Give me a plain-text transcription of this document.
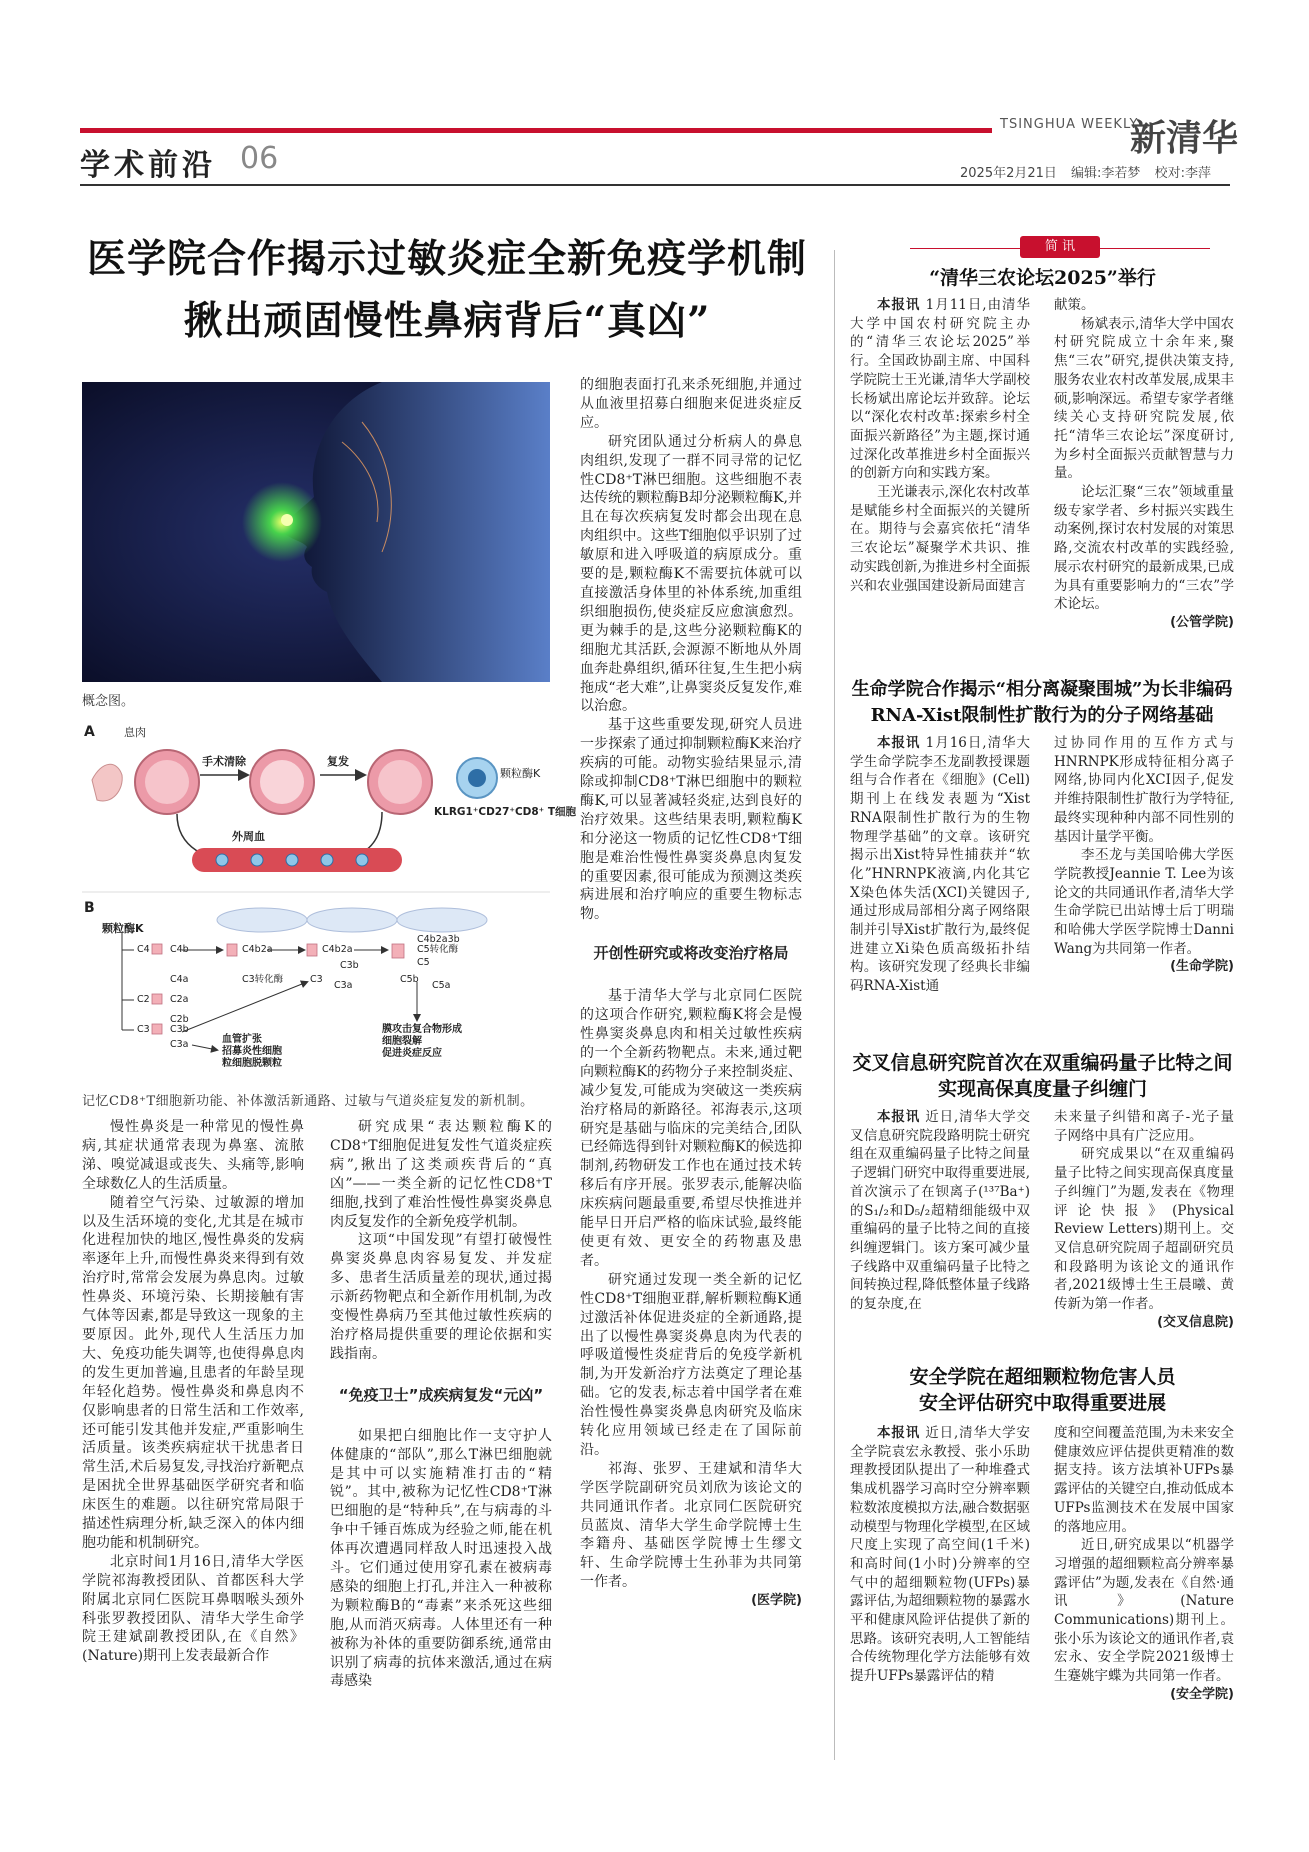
学术前沿 06
TSINGHUA WEEKLY
新清华
2025年2月21日 编辑:李若梦 校对:李萍
医学院合作揭示过敏炎症全新免疫学机制
揪出顽固慢性鼻病背后“真凶”
概念图。
A	息肉
手术清除	复发
颗粒酶K
KLRG1⁺CD27⁺CD8⁺ T细胞
外周血
B
颗粒酶K
C4 C4b
C4a
C2 C2a
C2b
C3 C3b
C3a
C4b2a
C3转化酶
C4b2a
C3b
C3
C3a
C4b2a3b
C5转化酶
C5
C5b
C5a
血管扩张
招募炎性细胞
粒细胞脱颗粒
膜攻击复合物形成
细胞裂解
促进炎症反应
记忆CD8⁺T细胞新功能、补体激活新通路、过敏与气道炎症复发的新机制。

慢性鼻炎是一种常见的慢性鼻病,其症状通常表现为鼻塞、流脓涕、嗅觉减退或丧失、头痛等,影响全球数亿人的生活质量。

随着空气污染、过敏源的增加以及生活环境的变化,尤其是在城市化进程加快的地区,慢性鼻炎的发病率逐年上升,而慢性鼻炎来得到有效治疗时,常常会发展为鼻息肉。过敏性鼻炎、环境污染、长期接触有害气体等因素,都是导致这一现象的主要原因。此外,现代人生活压力加大、免疫功能失调等,也使得鼻息肉的发生更加普遍,且患者的年龄呈现年轻化趋势。慢性鼻炎和鼻息肉不仅影响患者的日常生活和工作效率,还可能引发其他并发症,严重影响生活质量。该类疾病症状干扰患者日常生活,术后易复发,寻找治疗新靶点是困扰全世界基础医学研究者和临床医生的难题。以往研究常局限于描述性病理分析,缺乏深入的体内细胞功能和机制研究。

北京时间1月16日,清华大学医学院祁海教授团队、首都医科大学附属北京同仁医院耳鼻咽喉头颈外科张罗教授团队、清华大学生命学院王建斌副教授团队,在《自然》(Nature)期刊上发表最新合作

研究成果“表达颗粒酶K的CD8⁺T细胞促进复发性气道炎症疾病”,揪出了这类顽疾背后的“真凶”——一类全新的记忆性CD8⁺T细胞,找到了难治性慢性鼻窦炎鼻息肉反复发作的全新免疫学机制。

这项“中国发现”有望打破慢性鼻窦炎鼻息肉容易复发、并发症多、患者生活质量差的现状,通过揭示新药物靶点和全新作用机制,为改变慢性鼻病乃至其他过敏性疾病的治疗格局提供重要的理论依据和实践指南。

“免疫卫士”成疾病复发“元凶”

如果把白细胞比作一支守护人体健康的“部队”,那么T淋巴细胞就是其中可以实施精准打击的“精锐”。其中,被称为记忆性CD8⁺T淋巴细胞的是“特种兵”,在与病毒的斗争中千锤百炼成为经验之师,能在机体再次遭遇同样敌人时迅速投入战斗。它们通过使用穿孔素在被病毒感染的细胞上打孔,并注入一种被称为颗粒酶B的“毒素”来杀死这些细胞,从而消灭病毒。人体里还有一种被称为补体的重要防御系统,通常由识别了病毒的抗体来激活,通过在病毒感染

的细胞表面打孔来杀死细胞,并通过从血液里招募白细胞来促进炎症反应。

研究团队通过分析病人的鼻息肉组织,发现了一群不同寻常的记忆性CD8⁺T淋巴细胞。这些细胞不表达传统的颗粒酶B却分泌颗粒酶K,并且在每次疾病复发时都会出现在息肉组织中。这些T细胞似乎识别了过敏原和进入呼吸道的病原成分。重要的是,颗粒酶K不需要抗体就可以直接激活身体里的补体系统,加重组织细胞损伤,使炎症反应愈演愈烈。更为棘手的是,这些分泌颗粒酶K的细胞尤其活跃,会源源不断地从外周血奔赴鼻组织,循环往复,生生把小病拖成“老大难”,让鼻窦炎反复发作,难以治愈。

基于这些重要发现,研究人员进一步探索了通过抑制颗粒酶K来治疗疾病的可能。动物实验结果显示,清除或抑制CD8⁺T淋巴细胞中的颗粒酶K,可以显著减轻炎症,达到良好的治疗效果。这些结果表明,颗粒酶K和分泌这一物质的记忆性CD8⁺T细胞是难治性慢性鼻窦炎鼻息肉复发的重要因素,很可能成为预测这类疾病进展和治疗响应的重要生物标志物。

开创性研究或将改变治疗格局

基于清华大学与北京同仁医院的这项合作研究,颗粒酶K将会是慢性鼻窦炎鼻息肉和相关过敏性疾病的一个全新药物靶点。未来,通过靶向颗粒酶K的药物分子来控制炎症、减少复发,可能成为突破这一类疾病治疗格局的新路径。祁海表示,这项研究是基础与临床的完美结合,团队已经筛选得到针对颗粒酶K的候选抑制剂,药物研发工作也在通过技术转移后有序开展。张罗表示,能解决临床疾病问题最重要,希望尽快推进并能早日开启严格的临床试验,最终能使更有效、更安全的药物惠及患者。

研究通过发现一类全新的记忆性CD8⁺T细胞亚群,解析颗粒酶K通过激活补体促进炎症的全新通路,提出了以慢性鼻窦炎鼻息肉为代表的呼吸道慢性炎症背后的免疫学新机制,为开发新治疗方法奠定了理论基础。它的发表,标志着中国学者在难治性慢性鼻窦炎鼻息肉研究及临床转化应用领域已经走在了国际前沿。

祁海、张罗、王建斌和清华大学医学院副研究员刘欣为该论文的共同通讯作者。北京同仁医院研究员蓝岚、清华大学生命学院博士生李籍舟、基础医学院博士生缪文轩、生命学院博士生孙菲为共同第一作者。

(医学院)
简 讯
“清华三农论坛2025”举行

本报讯 1月11日,由清华大学中国农村研究院主办的“清华三农论坛2025”举行。全国政协副主席、中国科学院院士王光谦,清华大学副校长杨斌出席论坛并致辞。论坛以“深化农村改革:探索乡村全面振兴新路径”为主题,探讨通过深化改革推进乡村全面振兴的创新方向和实践方案。

王光谦表示,深化农村改革是赋能乡村全面振兴的关键所在。期待与会嘉宾依托“清华三农论坛”凝聚学术共识、推动实践创新,为推进乡村全面振兴和农业强国建设新局面建言

献策。

杨斌表示,清华大学中国农村研究院成立十余年来,聚焦“三农”研究,提供决策支持,服务农业农村改革发展,成果丰硕,影响深远。希望专家学者继续关心支持研究院发展,依托“清华三农论坛”深度研讨,为乡村全面振兴贡献智慧与力量。

论坛汇聚“三农”领域重量级专家学者、乡村振兴实践生动案例,探讨农村发展的对策思路,交流农村改革的实践经验,展示农村研究的最新成果,已成为具有重要影响力的“三农”学术论坛。

(公管学院)
生命学院合作揭示“相分离凝聚围城”为长非编码
RNA-Xist限制性扩散行为的分子网络基础

本报讯 1月16日,清华大学生命学院李丕龙副教授课题组与合作者在《细胞》(Cell)期刊上在线发表题为“Xist RNA限制性扩散行为的生物物理学基础”的文章。该研究揭示出Xist特异性捕获并“软化”HNRNPK液滴,内化其它X染色体失活(XCI)关键因子,通过形成局部相分离子网络限制并引导Xist扩散行为,最终促进建立Xi染色质高级拓扑结构。该研究发现了经典长非编码RNA-Xist通

过协同作用的互作方式与HNRNPK形成特征相分离子网络,协同内化XCI因子,促发并维持限制性扩散行为学特征,最终实现种种内部不同性别的基因计量学平衡。

李丕龙与美国哈佛大学医学院教授Jeannie T. Lee为该论文的共同通讯作者,清华大学生命学院已出站博士后丁明瑞和哈佛大学医学院博士Danni Wang为共同第一作者。

(生命学院)
交叉信息研究院首次在双重编码量子比特之间
实现高保真度量子纠缠门

本报讯 近日,清华大学交叉信息研究院段路明院士研究组在双重编码量子比特之间量子逻辑门研究中取得重要进展,首次演示了在钡离子(¹³⁷Ba⁺)的S₁/₂和D₅/₂超精细能级中双重编码的量子比特之间的直接纠缠逻辑门。该方案可减少量子线路中双重编码量子比特之间转换过程,降低整体量子线路的复杂度,在

未来量子纠错和离子-光子量子网络中具有广泛应用。

研究成果以“在双重编码量子比特之间实现高保真度量子纠缠门”为题,发表在《物理评论快报》(Physical Review Letters)期刊上。交叉信息研究院周子超副研究员和段路明为该论文的通讯作者,2021级博士生王晨曦、黄传新为第一作者。

(交叉信息院)
安全学院在超细颗粒物危害人员
安全评估研究中取得重要进展

本报讯 近日,清华大学安全学院袁宏永教授、张小乐助理教授团队提出了一种堆叠式集成机器学习高时空分辨率颗粒数浓度模拟方法,融合数据驱动模型与物理化学模型,在区域尺度上实现了高空间(1千米)和高时间(1小时)分辨率的空气中的超细颗粒物(UFPs)暴露评估,为超细颗粒物的暴露水平和健康风险评估提供了新的思路。该研究表明,人工智能结合传统物理化学方法能够有效提升UFPs暴露评估的精

度和空间覆盖范围,为未来安全健康效应评估提供更精准的数据支持。该方法填补UFPs暴露评估的关键空白,推动低成本UFPs监测技术在发展中国家的落地应用。

近日,研究成果以“机器学习增强的超细颗粒高分辨率暴露评估”为题,发表在《自然·通讯》(Nature Communications)期刊上。张小乐为该论文的通讯作者,袁宏永、安全学院2021级博士生蹇姚宇蝶为共同第一作者。

(安全学院)
